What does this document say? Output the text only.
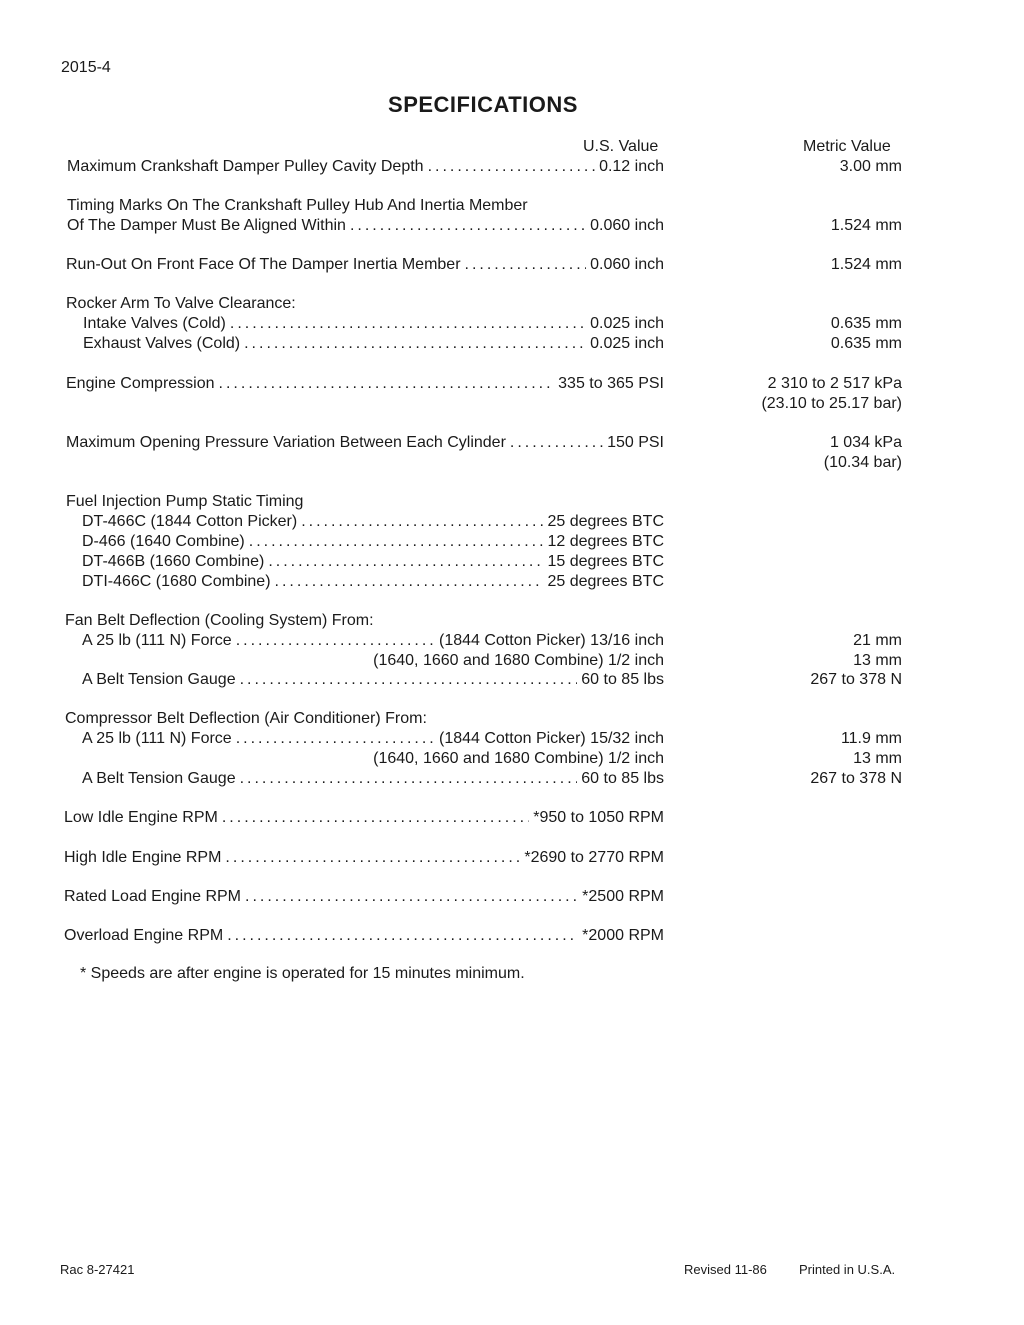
2015-4
SPECIFICATIONS
U.S. Value	Metric Value
Maximum Crankshaft Damper Pulley Cavity Depth .....	0.12 inch	3.00 mm
Timing Marks On The Crankshaft Pulley Hub And Inertia Member
Of The Damper Must Be Aligned Within .....	0.060 inch	1.524 mm
Run-Out On Front Face Of The Damper Inertia Member .....	0.060 inch	1.524 mm
Rocker Arm To Valve Clearance:
Intake Valves (Cold) .....	0.025 inch	0.635 mm
Exhaust Valves (Cold) .....	0.025 inch	0.635 mm
Engine Compression .....	335 to 365 PSI	2 310 to 2 517 kPa
(23.10 to 25.17 bar)
Maximum Opening Pressure Variation Between Each Cylinder .....	150 PSI	1 034 kPa
(10.34 bar)
Fuel Injection Pump Static Timing
DT-466C (1844 Cotton Picker) .....	25 degrees BTC
D-466 (1640 Combine) .....	12 degrees BTC
DT-466B (1660 Combine) .....	15 degrees BTC
DTI-466C (1680 Combine) .....	25 degrees BTC
Fan Belt Deflection (Cooling System) From:
A 25 lb (111 N) Force .....	(1844 Cotton Picker) 13/16 inch	21 mm
(1640, 1660 and 1680 Combine) 1/2 inch	13 mm
A Belt Tension Gauge .....	60 to 85 lbs	267 to 378 N
Compressor Belt Deflection (Air Conditioner) From:
A 25 lb (111 N) Force .....	(1844 Cotton Picker) 15/32 inch	11.9 mm
(1640, 1660 and 1680 Combine) 1/2 inch	13 mm
A Belt Tension Gauge .....	60 to 85 lbs	267 to 378 N
Low Idle Engine RPM .....	*950 to 1050 RPM
High Idle Engine RPM .....	*2690 to 2770 RPM
Rated Load Engine RPM .....	*2500 RPM
Overload Engine RPM .....	*2000 RPM
* Speeds are after engine is operated for 15 minutes minimum.
Rac 8-27421	Revised 11-86 Printed in U.S.A.
